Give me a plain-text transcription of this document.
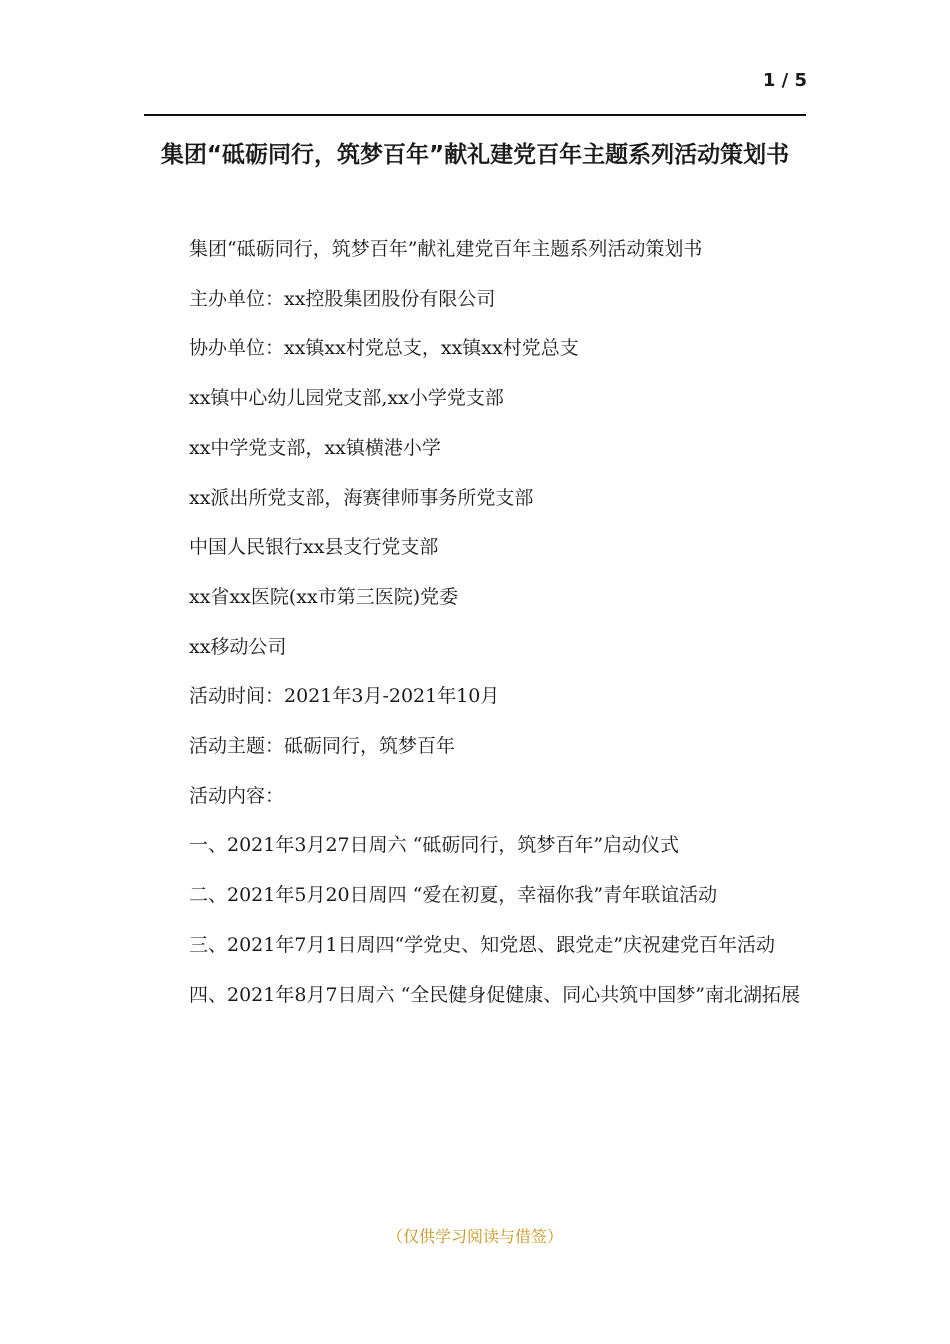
1 / 5
集团“砥砺同行，筑梦百年”献礼建党百年主题系列活动策划书

集团“砥砺同行，筑梦百年”献礼建党百年主题系列活动策划书

主办单位：xx控股集团股份有限公司

协办单位：xx镇xx村党总支，xx镇xx村党总支

xx镇中心幼儿园党支部,xx小学党支部

xx中学党支部，xx镇横港小学

xx派出所党支部，海赛律师事务所党支部

中国人民银行xx县支行党支部

xx省xx医院(xx市第三医院)党委

xx移动公司

活动时间：2021年3月-2021年10月

活动主题：砥砺同行，筑梦百年

活动内容：

一、2021年3月27日周六 “砥砺同行，筑梦百年”启动仪式

二、2021年5月20日周四 “爱在初夏，幸福你我”青年联谊活动

三、2021年7月1日周四“学党史、知党恩、跟党走”庆祝建党百年活动

四、2021年8月7日周六 “全民健身促健康、同心共筑中国梦”南北湖拓展

（仅供学习阅读与借签）
